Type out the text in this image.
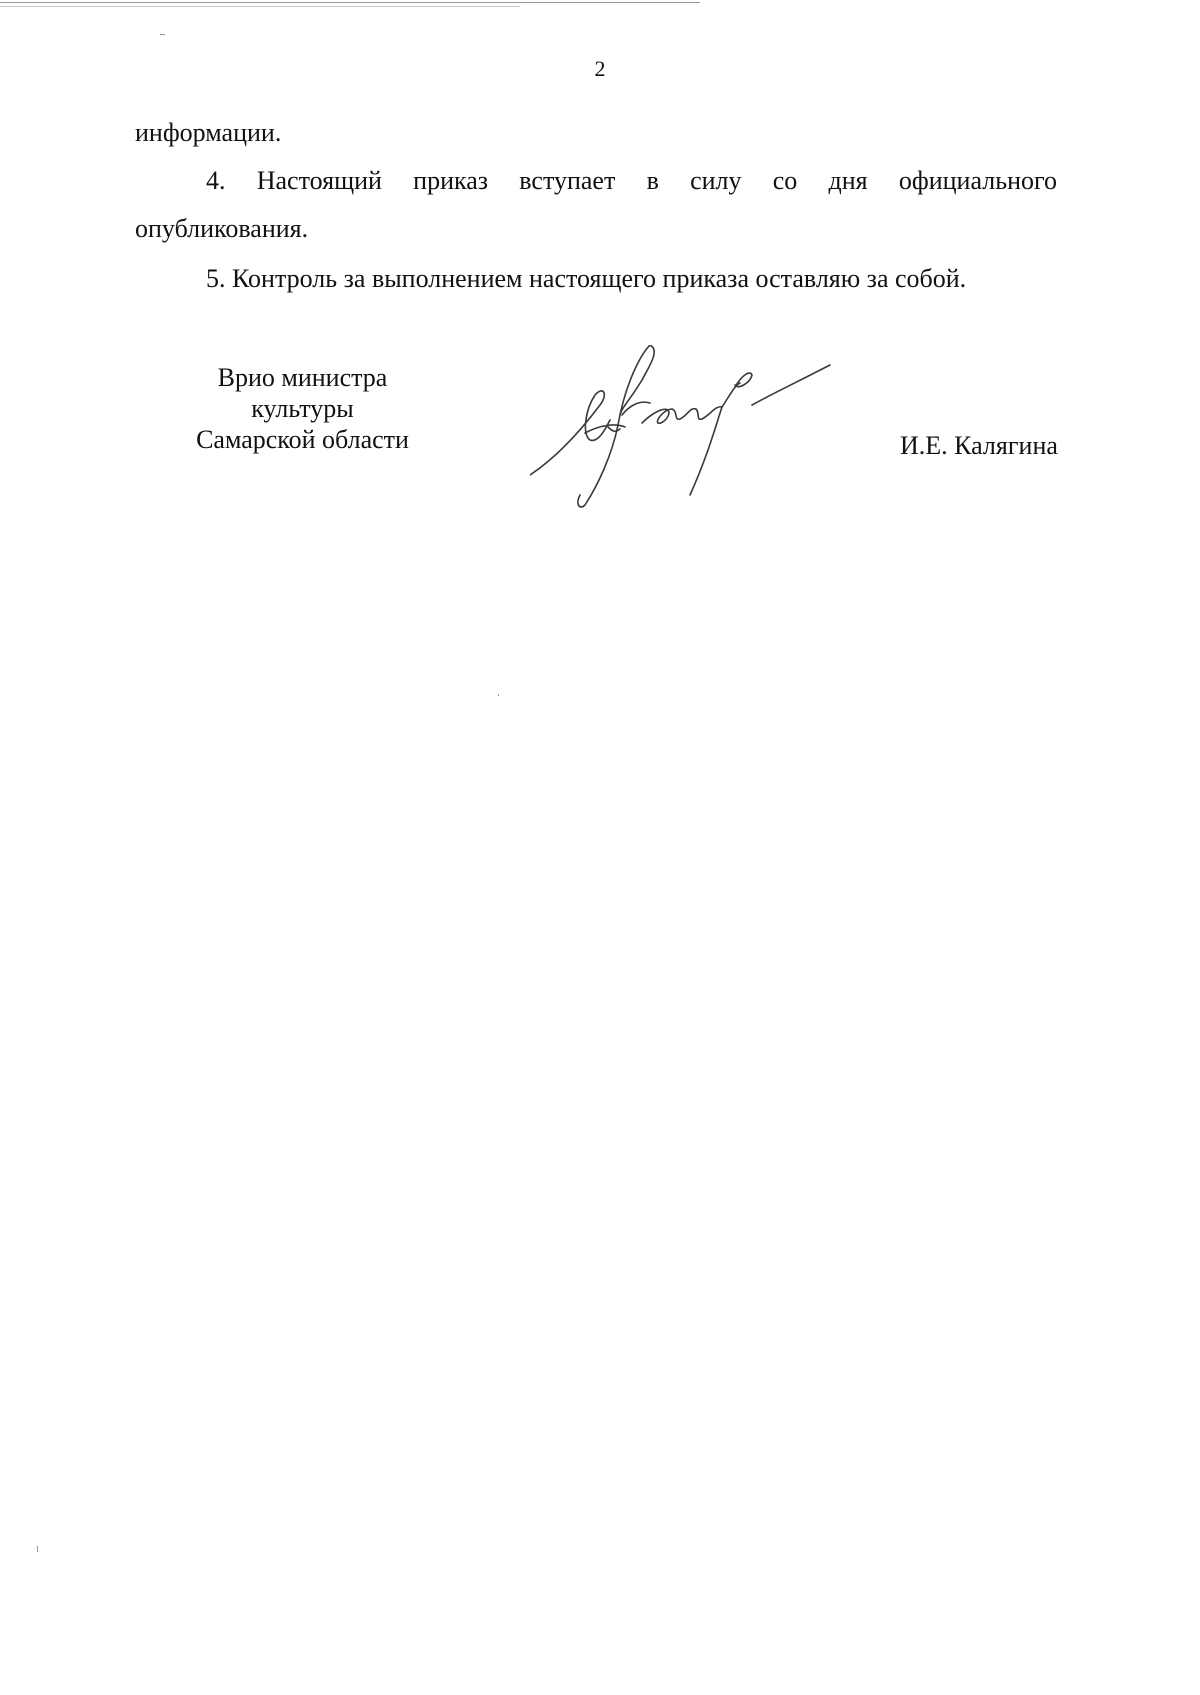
2
информации.
4. Настоящий приказ вступает в силу со дня официального
опубликования.
5. Контроль за выполнением настоящего приказа оставляю за собой.
Врио министра
культуры
Самарской области	И.Е. Калягина
